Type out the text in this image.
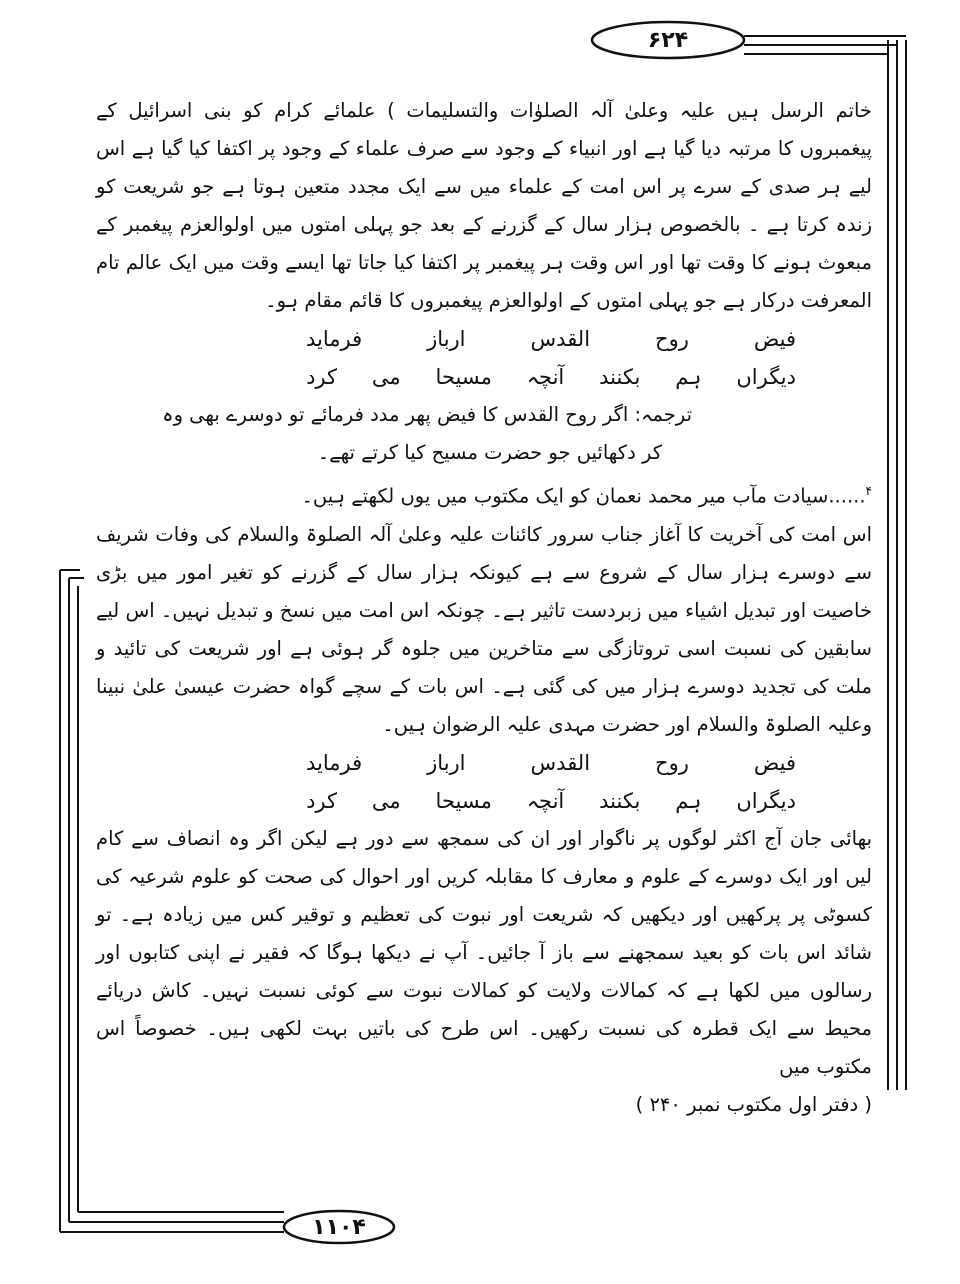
۶۲۴
۱۱۰۴

خاتم الرسل ہیں علیہ وعلیٰ آلہ الصلوٰات والتسلیمات ) علمائے کرام کو بنی اسرائیل کے پیغمبروں کا مرتبہ دیا گیا ہے اور انبیاء کے وجود سے صرف علماء کے وجود پر اکتفا کیا گیا ہے اس لیے ہر صدی کے سرے پر اس امت کے علماء میں سے ایک مجدد متعین ہوتا ہے جو شریعت کو زندہ کرتا ہے ۔ بالخصوص ہزار سال کے گزرنے کے بعد جو پہلی امتوں میں اولوالعزم پیغمبر کے مبعوث ہونے کا وقت تھا اور اس وقت ہر پیغمبر پر اکتفا کیا جاتا تھا ایسے وقت میں ایک عالم تام المعرفت درکار ہے جو پہلی امتوں کے اولوالعزم پیغمبروں کا قائم مقام ہو۔

فیض
روح
القدس
ارباز
فرماید
دیگراں
ہم
بکنند
آنچہ
مسیحا
می
کرد

ترجمہ: اگر روح القدس کا فیض پھر مدد فرمائے تو دوسرے بھی وہ

کر دکھائیں جو حضرت مسیح کیا کرتے تھے۔

$^۴$......سیادت مآب میر محمد نعمان کو ایک مکتوب میں یوں لکھتے ہیں۔

اس امت کی آخریت کا آغاز جناب سرور کائنات علیہ وعلیٰ آلہ الصلوۃ والسلام کی وفات شریف سے دوسرے ہزار سال کے شروع سے ہے کیونکہ ہزار سال کے گزرنے کو تغیر امور میں بڑی خاصیت اور تبدیل اشیاء میں زبردست تاثیر ہے۔ چونکہ اس امت میں نسخ و تبدیل نہیں۔ اس لیے سابقین کی نسبت اسی تروتازگی سے متاخرین میں جلوہ گر ہوئی ہے اور شریعت کی تائید و ملت کی تجدید دوسرے ہزار میں کی گئی ہے۔ اس بات کے سچے گواہ حضرت عیسیٰ علیٰ نبینا وعلیہ الصلوۃ والسلام اور حضرت مہدی علیہ الرضوان ہیں۔

فیض
روح
القدس
ارباز
فرماید
دیگراں
ہم
بکنند
آنچہ
مسیحا
می
کرد

بھائی جان آج اکثر لوگوں پر ناگوار اور ان کی سمجھ سے دور ہے لیکن اگر وہ انصاف سے کام لیں اور ایک دوسرے کے علوم و معارف کا مقابلہ کریں اور احوال کی صحت کو علوم شرعیہ کی کسوٹی پر پرکھیں اور دیکھیں کہ شریعت اور نبوت کی تعظیم و توقیر کس میں زیادہ ہے۔ تو شائد اس بات کو بعید سمجھنے سے باز آ جائیں۔ آپ نے دیکھا ہوگا کہ فقیر نے اپنی کتابوں اور رسالوں میں لکھا ہے کہ کمالات ولایت کو کمالات نبوت سے کوئی نسبت نہیں۔ کاش دریائے محیط سے ایک قطرہ کی نسبت رکھیں۔ اس طرح کی باتیں بہت لکھی ہیں۔ خصوصاً اس مکتوب میں

( دفتر اول مکتوب نمبر ۲۴۰ )
